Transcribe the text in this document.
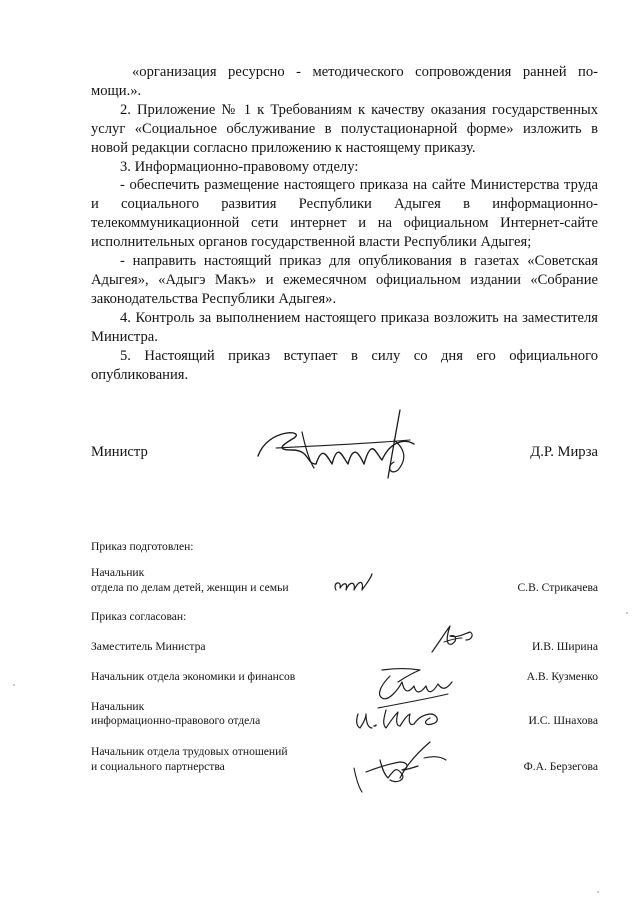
«организация ресурсно - методического сопровождения ранней по-мощи.».

2. Приложение № 1 к Требованиям к качеству оказания государственных услуг «Социальное обслуживание в полустационарной форме» изложить в новой редакции согласно приложению к настоящему приказу.

3. Информационно-правовому отделу:

- обеспечить размещение настоящего приказа на сайте Министерства труда и социального развития Республики Адыгея в информационно-телекоммуникационной сети интернет и на официальном Интернет-сайте исполнительных органов государственной власти Республики Адыгея;

- направить настоящий приказ для опубликования в газетах «Советская Адыгея», «Адыгэ Макъ» и ежемесячном официальном издании «Собрание законодательства Республики Адыгея».

4. Контроль за выполнением настоящего приказа возложить на заместителя Министра.

5. Настоящий приказ вступает в силу со дня его официального опубликования.

Министр	Д.Р. Мирза
Приказ подготовлен:
Начальник
отдела по делам детей, женщин и семьи	С.В. Стрикачева
Приказ согласован:
Заместитель Министра	И.В. Ширина
Начальник отдела экономики и финансов	А.В. Кузменко
Начальник
информационно-правового отдела	И.С. Шнахова
Начальник отдела трудовых отношений
и социального партнерства	Ф.А. Берзегова
